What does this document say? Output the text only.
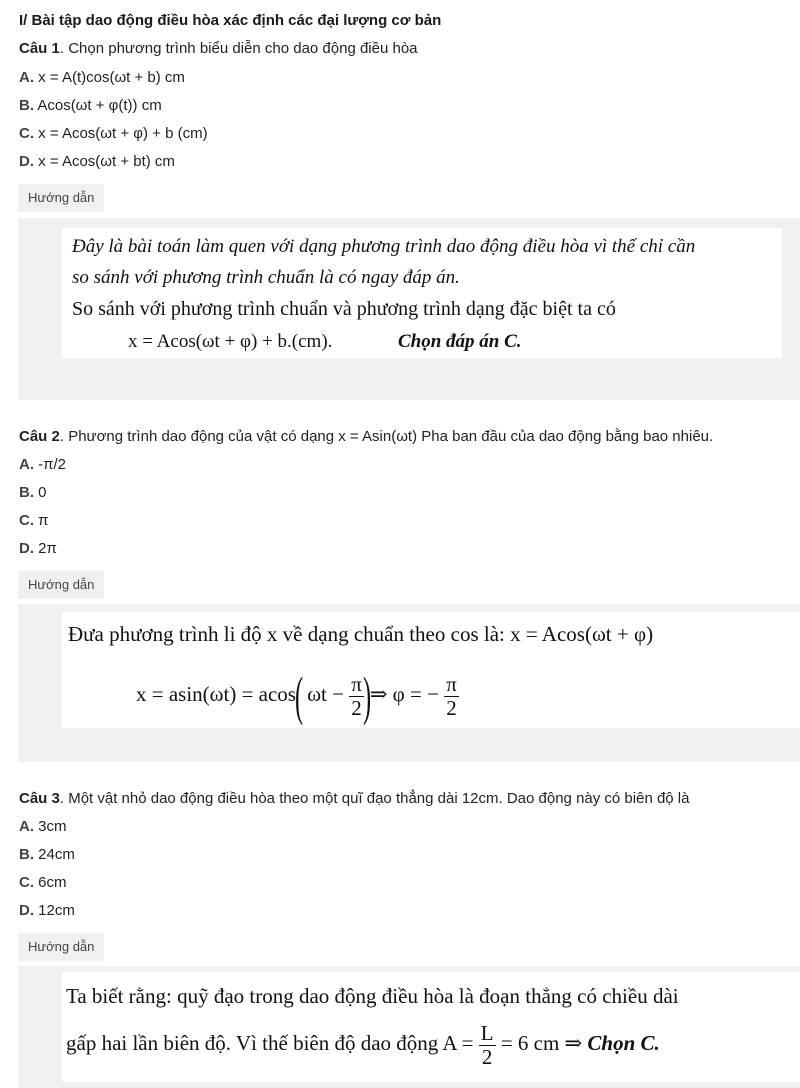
I/ Bài tập dao động điều hòa xác định các đại lượng cơ bản
Câu 1. Chọn phương trình biểu diễn cho dao động điều hòa
A. x = A(t)cos(ωt + b) cm
B. Acos(ωt + φ(t)) cm
C. x = Acos(ωt + φ) + b (cm)
D. x = Acos(ωt + bt) cm
Hướng dẫn
Đây là bài toán làm quen với dạng phương trình dao động điều hòa vì thế chỉ cần
so sánh với phương trình chuẩn là có ngay đáp án.
So sánh với phương trình chuẩn và phương trình dạng đặc biệt ta có
x = Acos(ωt + φ) + b.(cm).	Chọn đáp án C.
Câu 2. Phương trình dao động của vật có dạng x = Asin(ωt) Pha ban đầu của dao động bằng bao nhiêu.
A. -π/2
B. 0
C. π
D. 2π
Hướng dẫn
Đưa phương trình li độ x về dạng chuẩn theo cos là: x = Acos(ωt + φ)
x = asin(ωt) = acos( $\omega t - \frac{\pi}{2}$
)⇒ φ = − $\frac{\pi}{2}$
Câu 3. Một vật nhỏ dao động điều hòa theo một quĩ đạo thẳng dài 12cm. Dao động này có biên độ là
A. 3cm
B. 24cm
C. 6cm
D. 12cm
Hướng dẫn
Ta biết rằng: quỹ đạo trong dao động điều hòa là đoạn thẳng có chiều dài
gấp hai lần biên độ. Vì thế biên độ dao động $A = \frac{L}{2} = 6$ cm ⇒ Chọn C.
